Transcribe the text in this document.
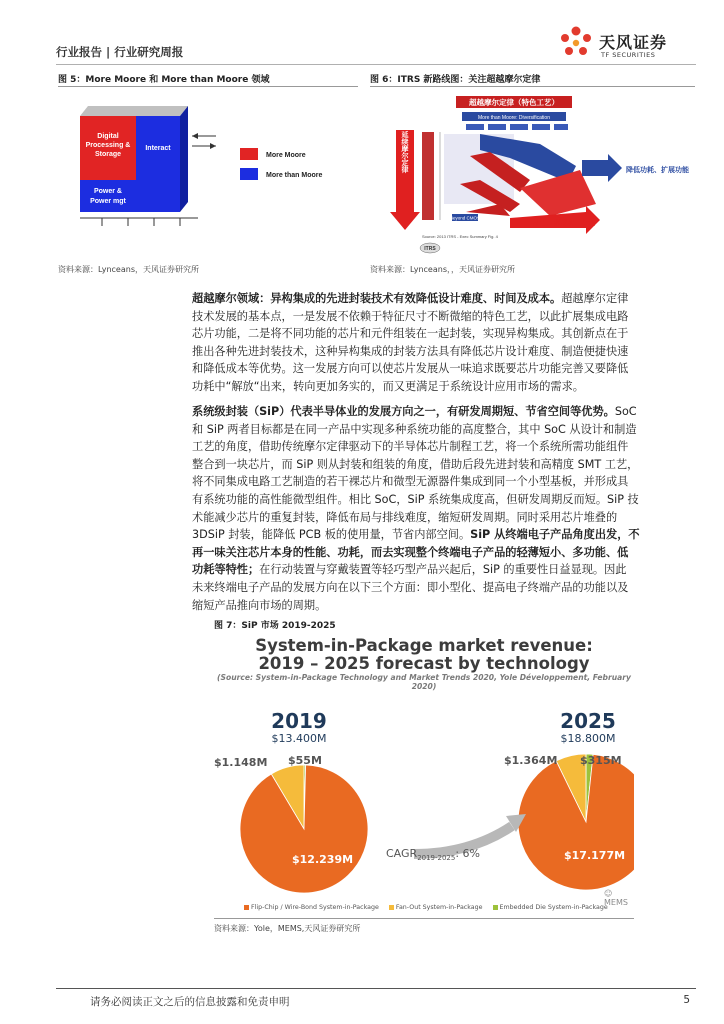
行业报告 | 行业研究周报	天风证券
TF SECURITIES
图 5：More Moore 和 More than Moore 领域
Digital
Processing &
Storage
Interact
Power &
Power mgt
More Moore
More than Moore
资料来源：Lynceans，天风证券研究所
图 6：ITRS 新路线图：关注超越摩尔定律
超越摩尔定律（特色工艺）
More than Moore: Diversification
延续摩尔定律	降低功耗、扩展功能
Beyond CMOS
尺寸、集成度、价格
Source: 2013 ITRS - Exec Summary Fig. 4
ITRS
资料来源：Lynceans，，天风证券研究所
超越摩尔领域：异构集成的先进封装技术有效降低设计难度、时间及成本。超越摩尔定律
技术发展的基本点，一是发展不依赖于特征尺寸不断微缩的特色工艺，以此扩展集成电路
芯片功能，二是将不同功能的芯片和元件组装在一起封装，实现异构集成。其创新点在于
推出各种先进封装技术，这种异构集成的封装方法具有降低芯片设计难度、制造便捷快速
和降低成本等优势。这一发展方向可以使芯片发展从一味追求既要芯片功能完善又要降低
功耗中“解放“出来，转向更加务实的，而又更满足于系统设计应用市场的需求。
系统级封装（SiP）代表半导体业的发展方向之一，有研发周期短、节省空间等优势。SoC
和 SiP 两者目标都是在同一产品中实现多种系统功能的高度整合，其中 SoC 从设计和制造
工艺的角度，借助传统摩尔定律驱动下的半导体芯片制程工艺，将一个系统所需功能组件
整合到一块芯片，而 SiP 则从封装和组装的角度，借助后段先进封装和高精度 SMT 工艺，
将不同集成电路工艺制造的若干裸芯片和微型无源器件集成到同一个小型基板，并形成具
有系统功能的高性能微型组件。相比 SoC，SiP 系统集成度高，但研发周期反而短。SiP 技
术能减少芯片的重复封装，降低布局与排线难度，缩短研发周期。同时采用芯片堆叠的
3DSiP 封装，能降低 PCB 板的使用量，节省内部空间。SiP 从终端电子产品角度出发，不
再一味关注芯片本身的性能、功耗，而去实现整个终端电子产品的轻薄短小、多功能、低
功耗等特性；在行动装置与穿戴装置等轻巧型产品兴起后，SiP 的重要性日益显现。因此
未来终端电子产品的发展方向在以下三个方面：即小型化、提高电子终端产品的功能以及
缩短产品推向市场的周期。
图 7：SiP 市场 2019-2025
System-in-Package market revenue:
2019 – 2025 forecast by technology
(Source: System-in-Package Technology and Market Trends 2020, Yole Développement, February 2020)
2019
$13.400M
$1.148M $55M
$12.239M
2025
$18.800M
$1.364M $315M
$17.177M
$CAGR_{2019-2025}$: 6%
☺ MEMS
Flip-Chip / Wire-Bond System-in-Package	Fan-Out System-in-Package	Embedded Die System-in-Package
资料来源：Yole，MEMS,天风证券研究所
请务必阅读正文之后的信息披露和免责申明	5
